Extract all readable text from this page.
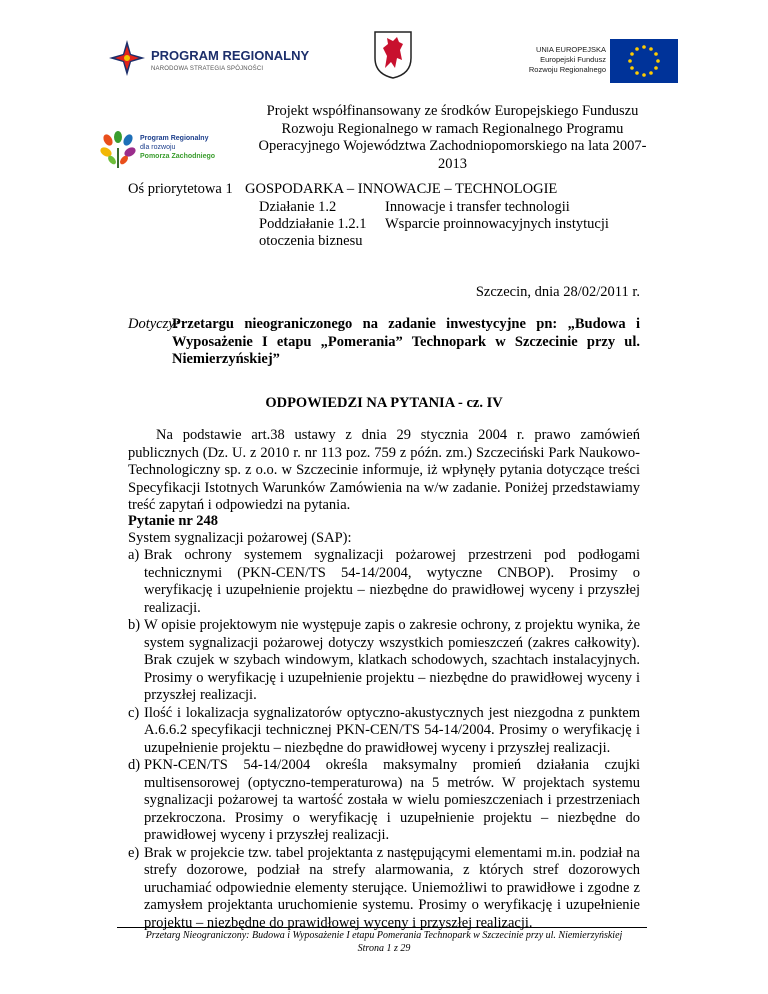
PROGRAM REGIONALNY
NARODOWA STRATEGIA SPÓJNOŚCI
UNIA EUROPEJSKA
Europejski Fundusz
Rozwoju Regionalnego
Program Regionalny
dla rozwoju
Pomorza Zachodniego
Projekt współfinansowany ze środków Europejskiego Funduszu Rozwoju Regionalnego w ramach Regionalnego Programu Operacyjnego Województwa Zachodniopomorskiego na lata 2007-2013
Oś priorytetowa 1 GOSPODARKA – INNOWACJE – TECHNOLOGIE
Działanie 1.2	Innowacje i transfer technologii
Poddziałanie 1.2.1 Wsparcie proinnowacyjnych instytucji
otoczenia biznesu
Szczecin, dnia 28/02/2011 r.
Dotyczy:
Przetargu nieograniczonego na zadanie inwestycyjne pn: „Budowa i
Wyposażenie I etapu „Pomerania” Technopark w Szczecinie przy ul.
Niemierzyńskiej”
ODPOWIEDZI NA PYTANIA - cz. IV

Na podstawie art.38 ustawy z dnia 29 stycznia 2004 r. prawo zamówień publicznych (Dz. U. z 2010 r. nr 113 poz. 759 z późn. zm.) Szczeciński Park Naukowo-Technologiczny sp. z o.o. w Szczecinie informuje, iż wpłynęły pytania dotyczące treści Specyfikacji Istotnych Warunków Zamówienia na w/w zadanie. Poniżej przedstawiamy treść zapytań i odpowiedzi na pytania.

Pytanie nr 248
System sygnalizacji pożarowej (SAP):
a) Brak ochrony systemem sygnalizacji pożarowej przestrzeni pod podłogami technicznymi (PKN-CEN/TS 54-14/2004, wytyczne CNBOP). Prosimy o weryfikację i uzupełnienie projektu – niezbędne do prawidłowej wyceny i przyszłej realizacji.
b) W opisie projektowym nie występuje zapis o zakresie ochrony, z projektu wynika, że system sygnalizacji pożarowej dotyczy wszystkich pomieszczeń (zakres całkowity). Brak czujek w szybach windowym, klatkach schodowych, szachtach instalacyjnych. Prosimy o weryfikację i uzupełnienie projektu – niezbędne do prawidłowej wyceny i przyszłej realizacji.
c) Ilość i lokalizacja sygnalizatorów optyczno-akustycznych jest niezgodna z punktem A.6.6.2 specyfikacji technicznej PKN-CEN/TS 54-14/2004. Prosimy o weryfikację i uzupełnienie projektu – niezbędne do prawidłowej wyceny i przyszłej realizacji.
d) PKN-CEN/TS 54-14/2004 określa maksymalny promień działania czujki multisensorowej (optyczno-temperaturowa) na 5 metrów. W projektach systemu sygnalizacji pożarowej ta wartość została w wielu pomieszczeniach i przestrzeniach przekroczona. Prosimy o weryfikację i uzupełnienie projektu – niezbędne do prawidłowej wyceny i przyszłej realizacji.
e) Brak w projekcie tzw. tabel projektanta z następującymi elementami m.in. podział na strefy dozorowe, podział na strefy alarmowania, z których stref dozorowych uruchamiać odpowiednie elementy sterujące. Uniemożliwi to prawidłowe i zgodne z zamysłem projektanta uruchomienie systemu. Prosimy o weryfikację i uzupełnienie projektu – niezbędne do prawidłowej wyceny i przyszłej realizacji.
Przetarg Nieograniczony: Budowa i Wyposażenie I etapu Pomerania Technopark w Szczecinie przy ul. Niemierzyńskiej
Strona 1 z 29
